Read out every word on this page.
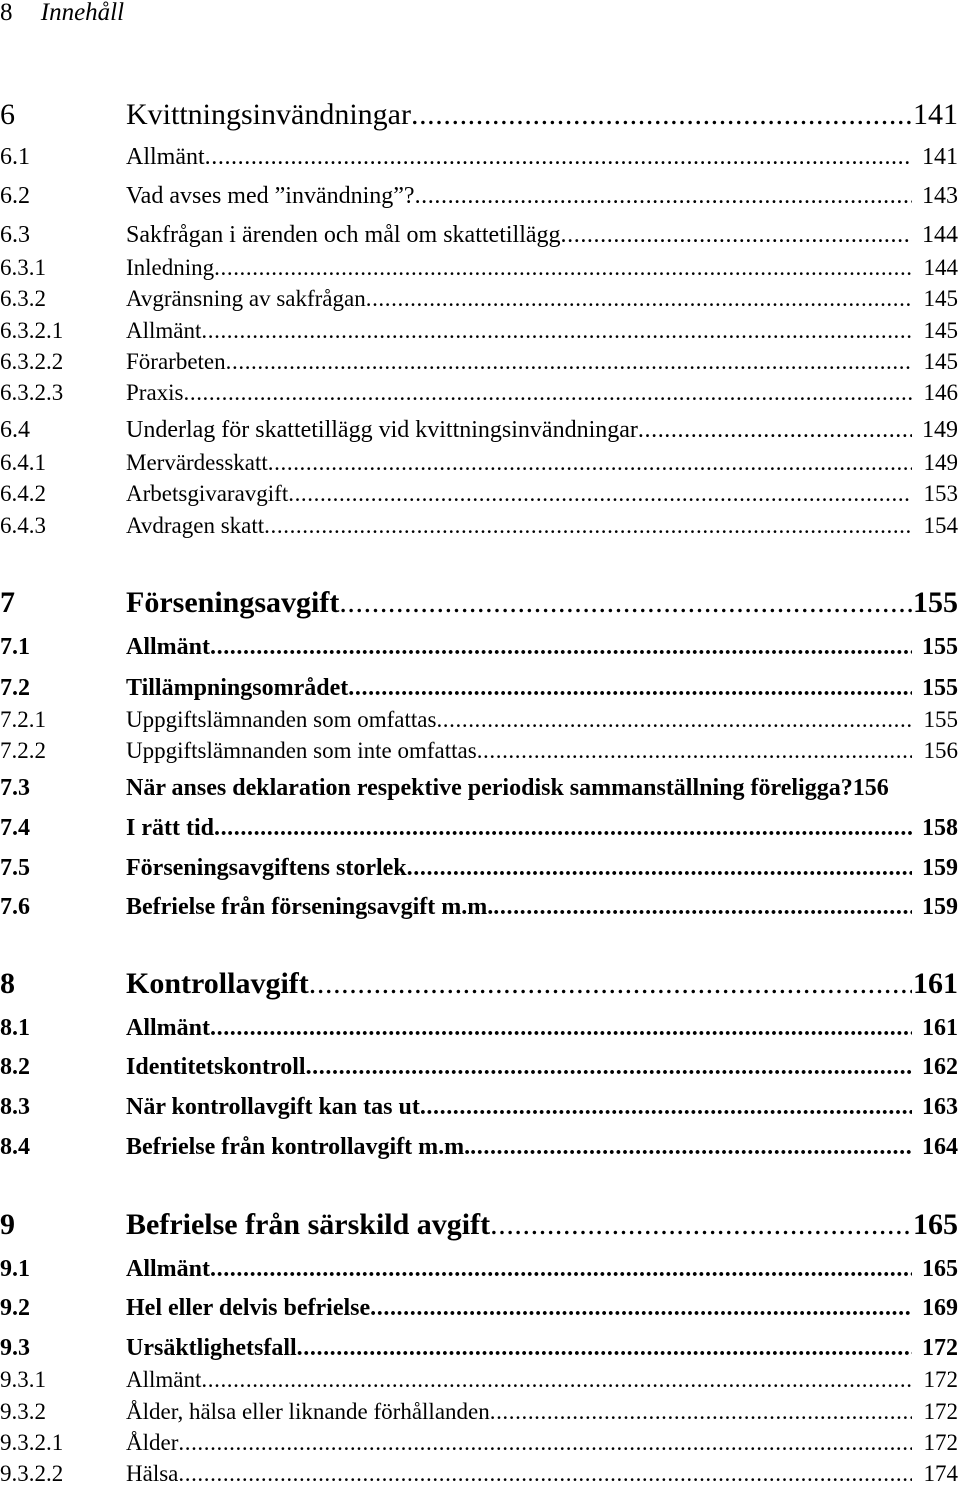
8 Innehåll
6	Kvittningsinvändningar .....	141
6.1	Allmänt .....	141
6.2	Vad avses med ”invändning”? .....	143
6.3	Sakfrågan i ärenden och mål om skattetillägg .....	144
6.3.1	Inledning .....	144
6.3.2	Avgränsning av sakfrågan .....	145
6.3.2.1	Allmänt .....	145
6.3.2.2	Förarbeten .....	145
6.3.2.3	Praxis .....	146
6.4	Underlag för skattetillägg vid kvittningsinvändningar .....	149
6.4.1	Mervärdesskatt .....	149
6.4.2	Arbetsgivaravgift .....	153
6.4.3	Avdragen skatt .....	154
7	Förseningsavgift .....	155
7.1	Allmänt .....	155
7.2	Tillämpningsområdet .....	155
7.2.1	Uppgiftslämnanden som omfattas .....	155
7.2.2	Uppgiftslämnanden som inte omfattas .....	156
7.3	När anses deklaration respektive periodisk sammanställning föreligga? 156
7.4	I rätt tid .....	158
7.5	Förseningsavgiftens storlek .....	159
7.6	Befrielse från förseningsavgift m.m. .....	159
8	Kontrollavgift .....	161
8.1	Allmänt .....	161
8.2	Identitetskontroll .....	162
8.3	När kontrollavgift kan tas ut .....	163
8.4	Befrielse från kontrollavgift m.m. .....	164
9	Befrielse från särskild avgift .....	165
9.1	Allmänt .....	165
9.2	Hel eller delvis befrielse .....	169
9.3	Ursäktlighetsfall .....	172
9.3.1	Allmänt .....	172
9.3.2	Ålder, hälsa eller liknande förhållanden .....	172
9.3.2.1	Ålder .....	172
9.3.2.2	Hälsa .....	174
